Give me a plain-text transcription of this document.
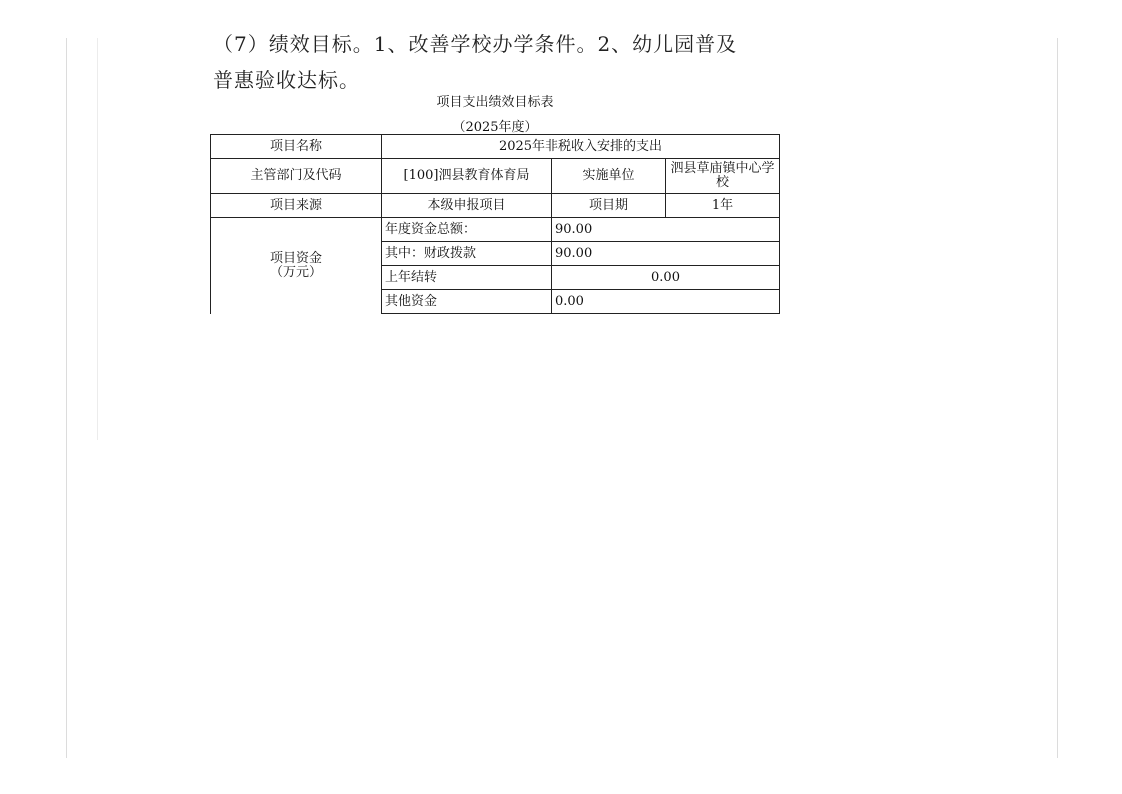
（7）绩效目标。1、改善学校办学条件。2、幼儿园普及
普惠验收达标。
项目支出绩效目标表
（2025年度）
项目名称	2025年非税收入安排的支出		
主管部门及代码	[100]泗县教育体育局	实施单位	泗县草庙镇中心学校
项目来源	本级申报项目	项目期	1年

项目资金
（万元）	年度资金总额：	90.00	
	其中：财政拨款	90.00	
	上年结转	0.00	
	其他资金	0.00	
